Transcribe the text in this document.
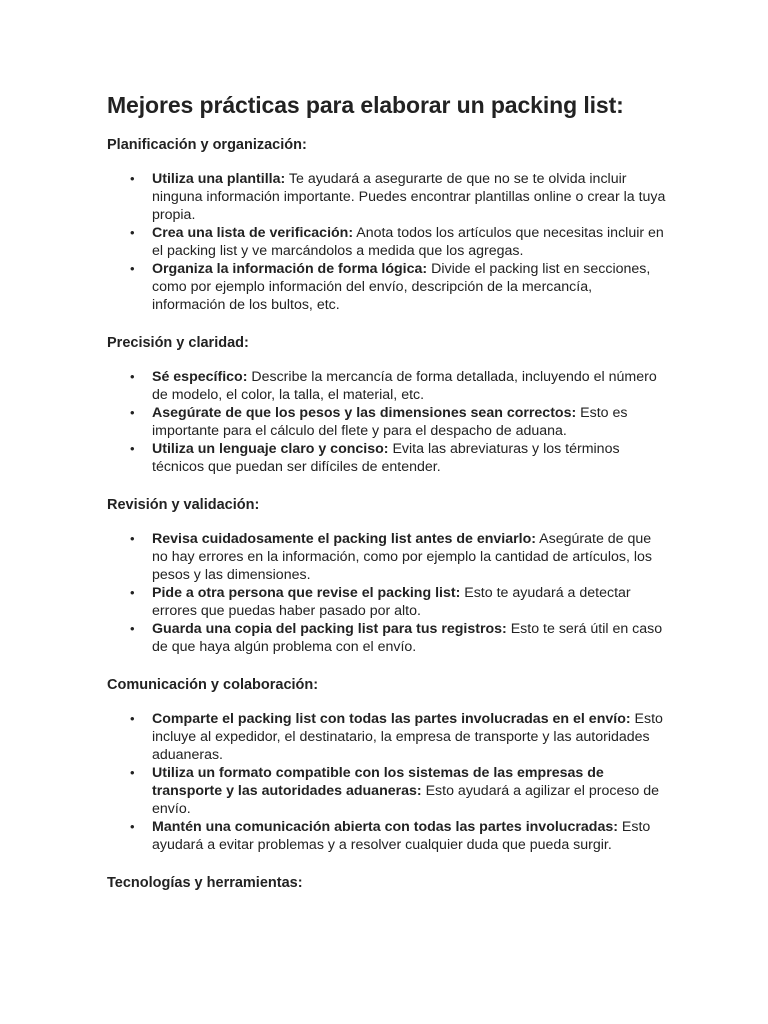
Mejores prácticas para elaborar un packing list:
Planificación y organización:
• Utiliza una plantilla: Te ayudará a asegurarte de que no se te olvida incluir ninguna información importante. Puedes encontrar plantillas online o crear la tuya propia.
• Crea una lista de verificación: Anota todos los artículos que necesitas incluir en el packing list y ve marcándolos a medida que los agregas.
• Organiza la información de forma lógica: Divide el packing list en secciones, como por ejemplo información del envío, descripción de la mercancía, información de los bultos, etc.
Precisión y claridad:
• Sé específico: Describe la mercancía de forma detallada, incluyendo el número de modelo, el color, la talla, el material, etc.
• Asegúrate de que los pesos y las dimensiones sean correctos: Esto es importante para el cálculo del flete y para el despacho de aduana.
• Utiliza un lenguaje claro y conciso: Evita las abreviaturas y los términos técnicos que puedan ser difíciles de entender.
Revisión y validación:
• Revisa cuidadosamente el packing list antes de enviarlo: Asegúrate de que no hay errores en la información, como por ejemplo la cantidad de artículos, los pesos y las dimensiones.
• Pide a otra persona que revise el packing list: Esto te ayudará a detectar errores que puedas haber pasado por alto.
• Guarda una copia del packing list para tus registros: Esto te será útil en caso de que haya algún problema con el envío.
Comunicación y colaboración:
• Comparte el packing list con todas las partes involucradas en el envío: Esto incluye al expedidor, el destinatario, la empresa de transporte y las autoridades aduaneras.
• Utiliza un formato compatible con los sistemas de las empresas de transporte y las autoridades aduaneras: Esto ayudará a agilizar el proceso de envío.
• Mantén una comunicación abierta con todas las partes involucradas: Esto ayudará a evitar problemas y a resolver cualquier duda que pueda surgir.
Tecnologías y herramientas:
